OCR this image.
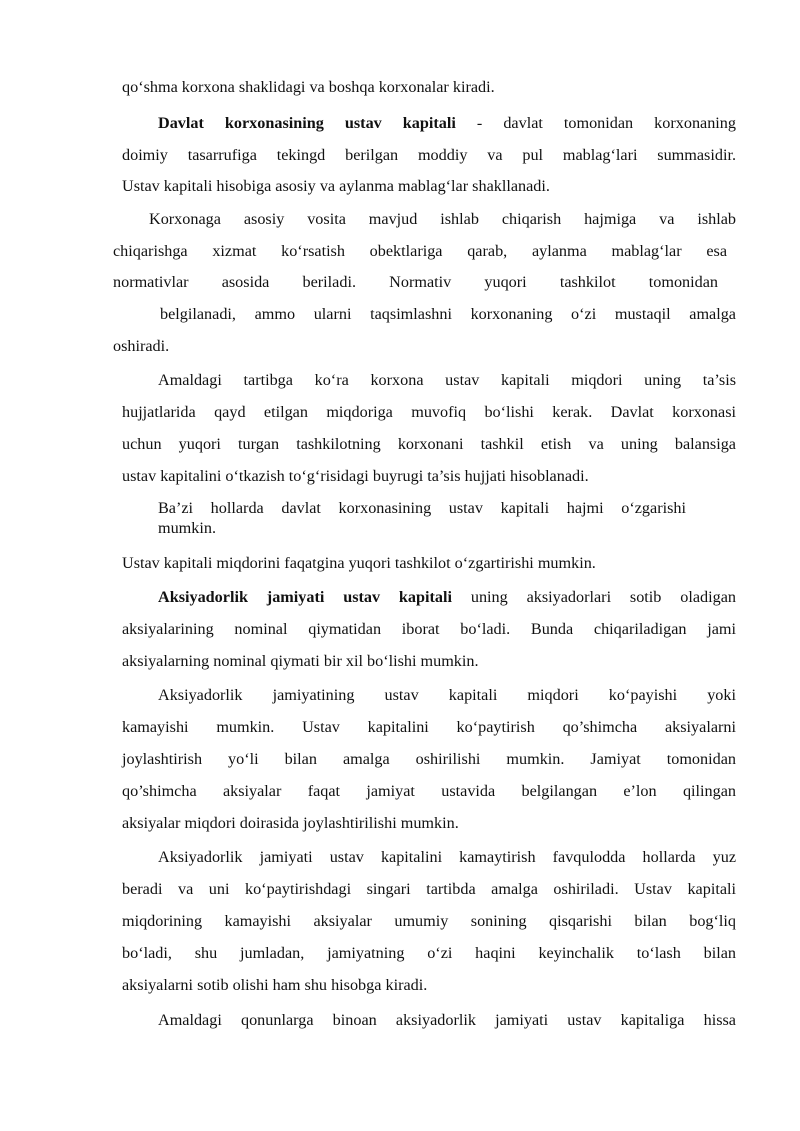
qo‘shma korxona shaklidagi va boshqa korxonalar kiradi.
Davlat korxonasining ustav kapitali - davlat tomonidan korxonaning
doimiy tasarrufiga tekingd berilgan moddiy va pul mablag‘lari summasidir.
Ustav kapitali hisobiga asosiy va aylanma mablag‘lar shakllanadi.
Korxonaga asosiy vosita mavjud ishlab chiqarish hajmiga va ishlab
chiqarishga xizmat ko‘rsatish obektlariga qarab, aylanma mablag‘lar esa
normativlar asosida beriladi. Normativ yuqori tashkilot tomonidan
belgilanadi, ammo ularni taqsimlashni korxonaning o‘zi mustaqil amalga
oshiradi.
Amaldagi tartibga ko‘ra korxona ustav kapitali miqdori uning ta’sis
hujjatlarida qayd etilgan miqdoriga muvofiq bo‘lishi kerak. Davlat korxonasi
uchun yuqori turgan tashkilotning korxonani tashkil etish va uning balansiga
ustav kapitalini o‘tkazish to‘g‘risidagi buyrugi ta’sis hujjati hisoblanadi.
Ba’zi hollarda davlat korxonasining ustav kapitali hajmi o‘zgarishi
mumkin.
Ustav kapitali miqdorini faqatgina yuqori tashkilot o‘zgartirishi mumkin.
Aksiyadorlik jamiyati ustav kapitali uning aksiyadorlari sotib oladigan
aksiyalarining nominal qiymatidan iborat bo‘ladi. Bunda chiqariladigan jami
aksiyalarning nominal qiymati bir xil bo‘lishi mumkin.
Aksiyadorlik jamiyatining ustav kapitali miqdori ko‘payishi yoki
kamayishi mumkin. Ustav kapitalini ko‘paytirish qo’shimcha aksiyalarni
joylashtirish yo‘li bilan amalga oshirilishi mumkin. Jamiyat tomonidan
qo’shimcha aksiyalar faqat jamiyat ustavida belgilangan e’lon qilingan
aksiyalar miqdori doirasida joylashtirilishi mumkin.
Aksiyadorlik jamiyati ustav kapitalini kamaytirish favqulodda hollarda yuz
beradi va uni ko‘paytirishdagi singari tartibda amalga oshiriladi. Ustav kapitali
miqdorining kamayishi aksiyalar umumiy sonining qisqarishi bilan bog‘liq
bo‘ladi, shu jumladan, jamiyatning o‘zi haqini keyinchalik to‘lash bilan
aksiyalarni sotib olishi ham shu hisobga kiradi.
Amaldagi qonunlarga binoan aksiyadorlik jamiyati ustav kapitaliga hissa
